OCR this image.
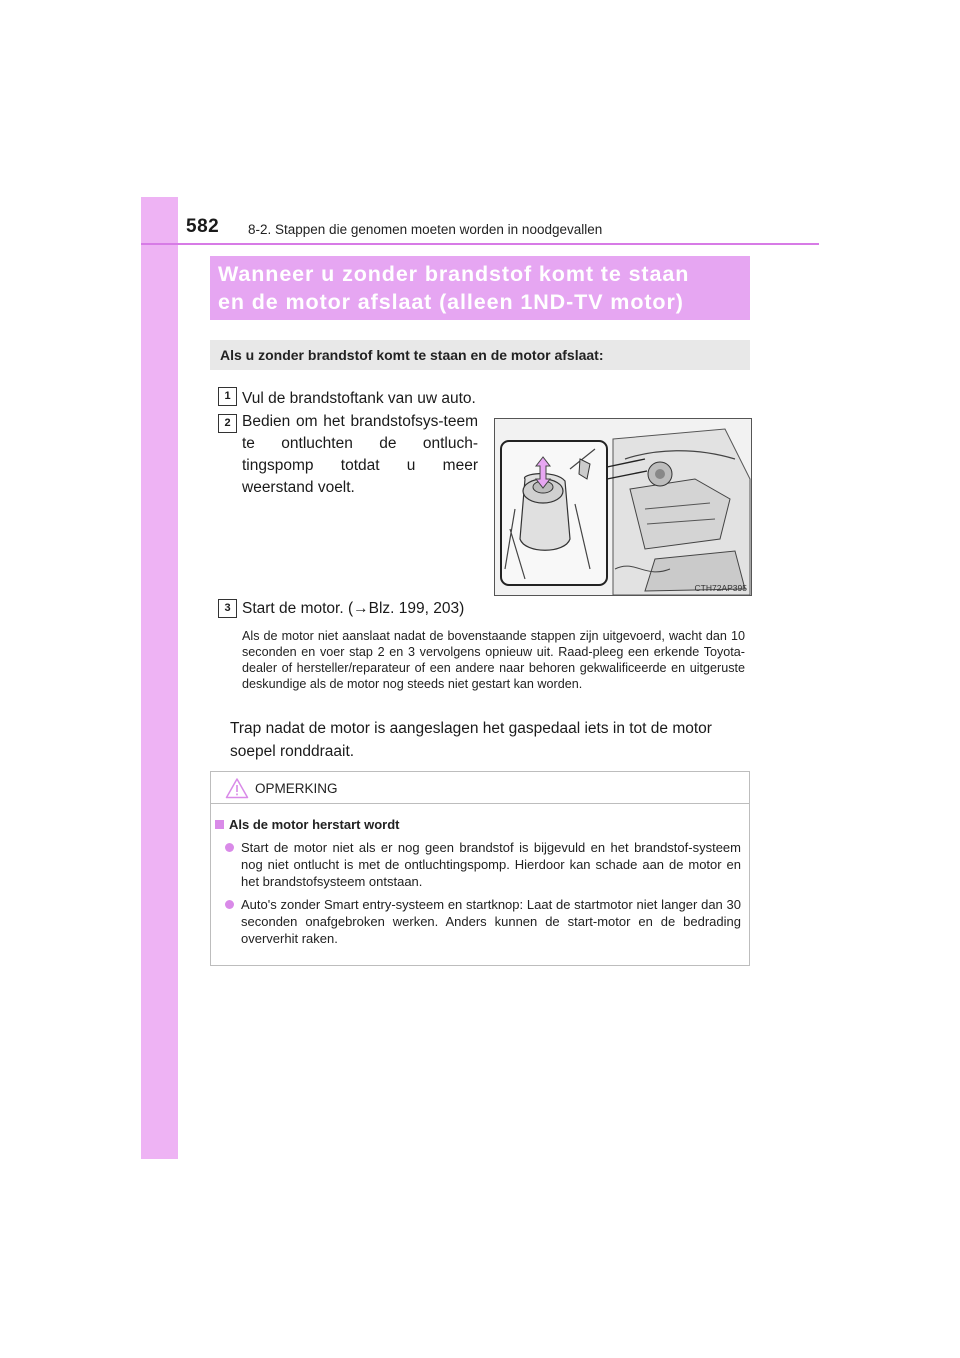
582 8-2. Stappen die genomen moeten worden in noodgevallen
Wanneer u zonder brandstof komt te staan
en de motor afslaat (alleen 1ND-TV motor)
Als u zonder brandstof komt te staan en de motor afslaat:
1 Vul de brandstoftank van uw auto.
2 Bedien om het brandstofsys-teem te ontluchten de ontluch-tingspomp totdat u meer weerstand voelt.
CTH72AP395
3 Start de motor. (→Blz. 199, 203)
Als de motor niet aanslaat nadat de bovenstaande stappen zijn uitgevoerd, wacht dan 10 seconden en voer stap 2 en 3 vervolgens opnieuw uit. Raad-pleeg een erkende Toyota-dealer of hersteller/reparateur of een andere naar behoren gekwalificeerde en uitgeruste deskundige als de motor nog steeds niet gestart kan worden.
Trap nadat de motor is aangeslagen het gaspedaal iets in tot de motor soepel ronddraait.
OPMERKING
Als de motor herstart wordt
Start de motor niet als er nog geen brandstof is bijgevuld en het brandstof-systeem nog niet ontlucht is met de ontluchtingspomp. Hierdoor kan schade aan de motor en het brandstofsysteem ontstaan.
Auto's zonder Smart entry-systeem en startknop: Laat de startmotor niet langer dan 30 seconden onafgebroken werken. Anders kunnen de start-motor en de bedrading oververhit raken.
